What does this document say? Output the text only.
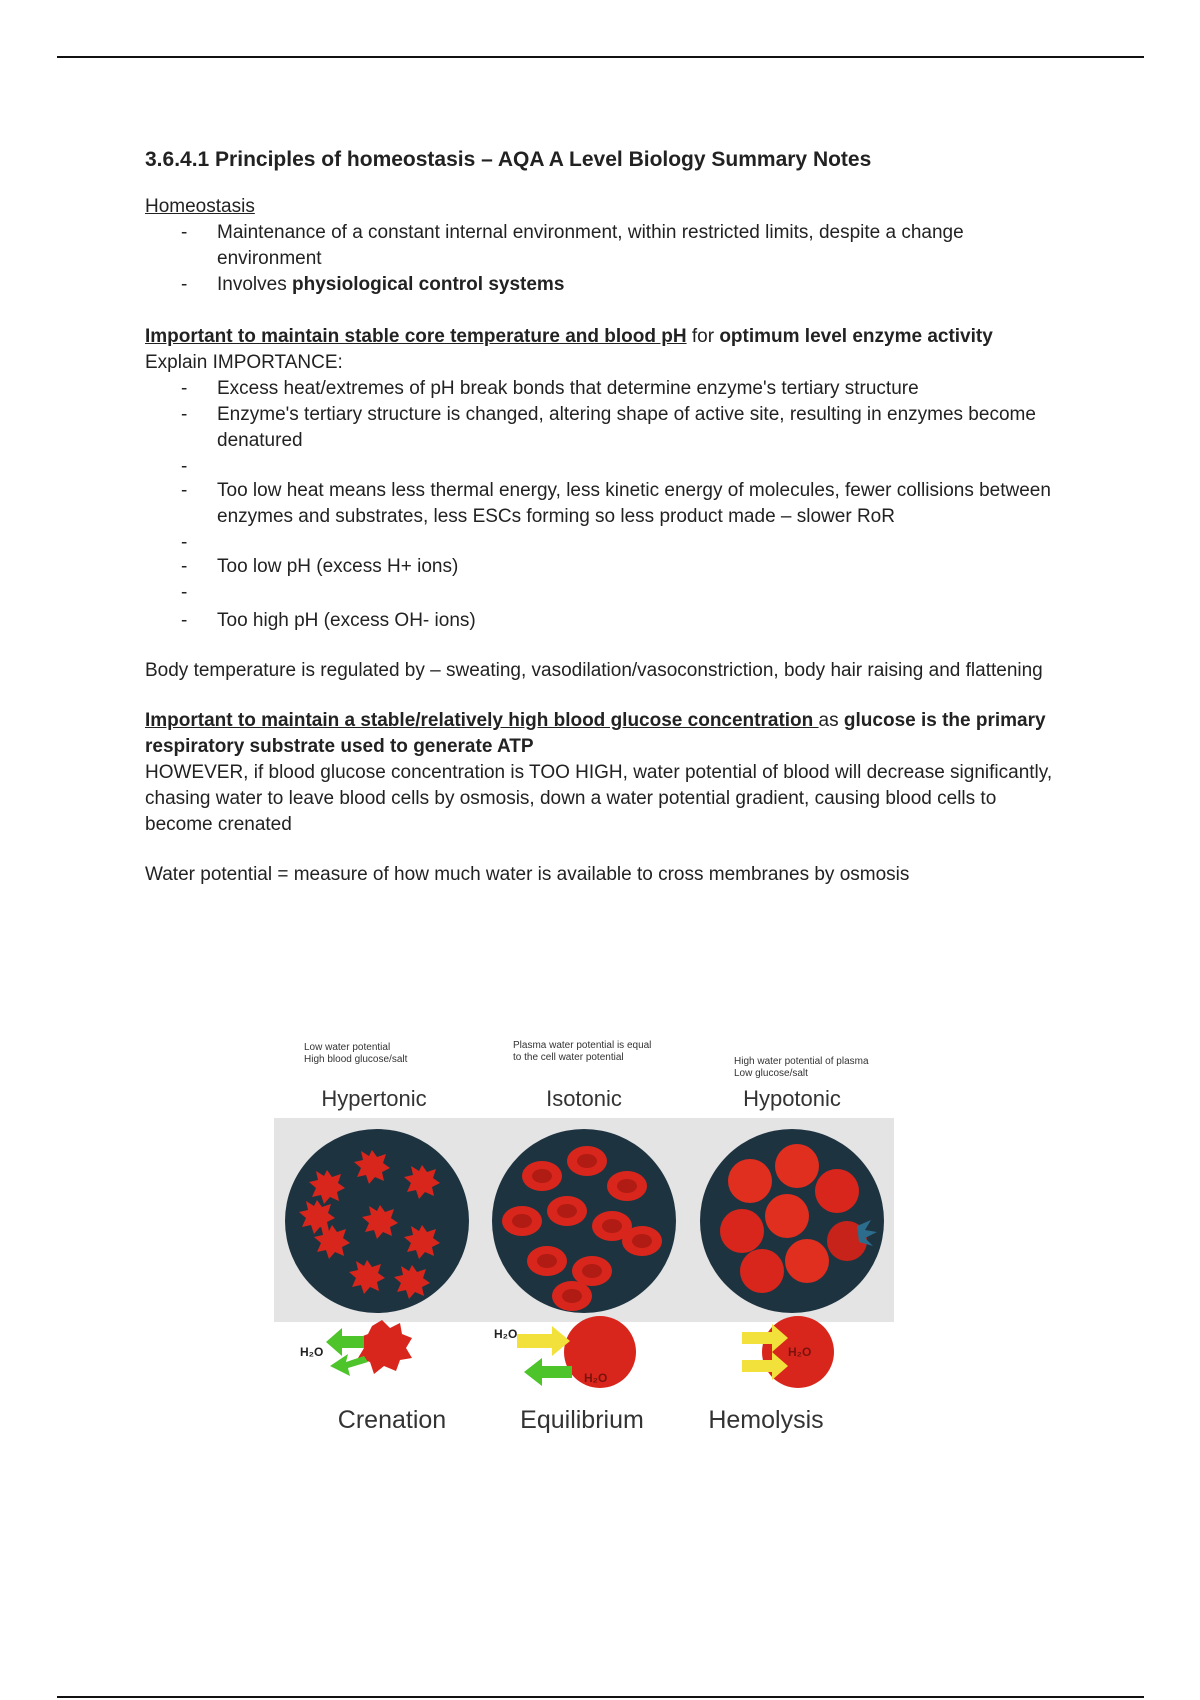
3.6.4.1 Principles of homeostasis – AQA A Level Biology Summary Notes

Homeostasis

- Maintenance of a constant internal environment, within restricted limits, despite a change environment
- Involves physiological control systems

Important to maintain stable core temperature and blood pH for optimum level enzyme activity

Explain IMPORTANCE:

- Excess heat/extremes of pH break bonds that determine enzyme's tertiary structure
- Enzyme's tertiary structure is changed, altering shape of active site, resulting in enzymes become denatured
-
- Too low heat means less thermal energy, less kinetic energy of molecules, fewer collisions between enzymes and substrates, less ESCs forming so less product made – slower RoR
-
- Too low pH (excess H+ ions)
-
- Too high pH (excess OH- ions)

Body temperature is regulated by – sweating, vasodilation/vasoconstriction, body hair raising and flattening

Important to maintain a stable/relatively high blood glucose concentration as glucose is the primary respiratory substrate used to generate ATP

HOWEVER, if blood glucose concentration is TOO HIGH, water potential of blood will decrease significantly, chasing water to leave blood cells by osmosis, down a water potential gradient, causing blood cells to become crenated

Water potential = measure of how much water is available to cross membranes by osmosis

Low water potential
High blood glucose/salt
Plasma water potential is equal
to the cell water potential	High water potential of plasma
Low glucose/salt
Hypertonic	Isotonic	Hypotonic
H₂O
H₂O
H₂O
H₂O
Crenation	Equilibrium	Hemolysis
